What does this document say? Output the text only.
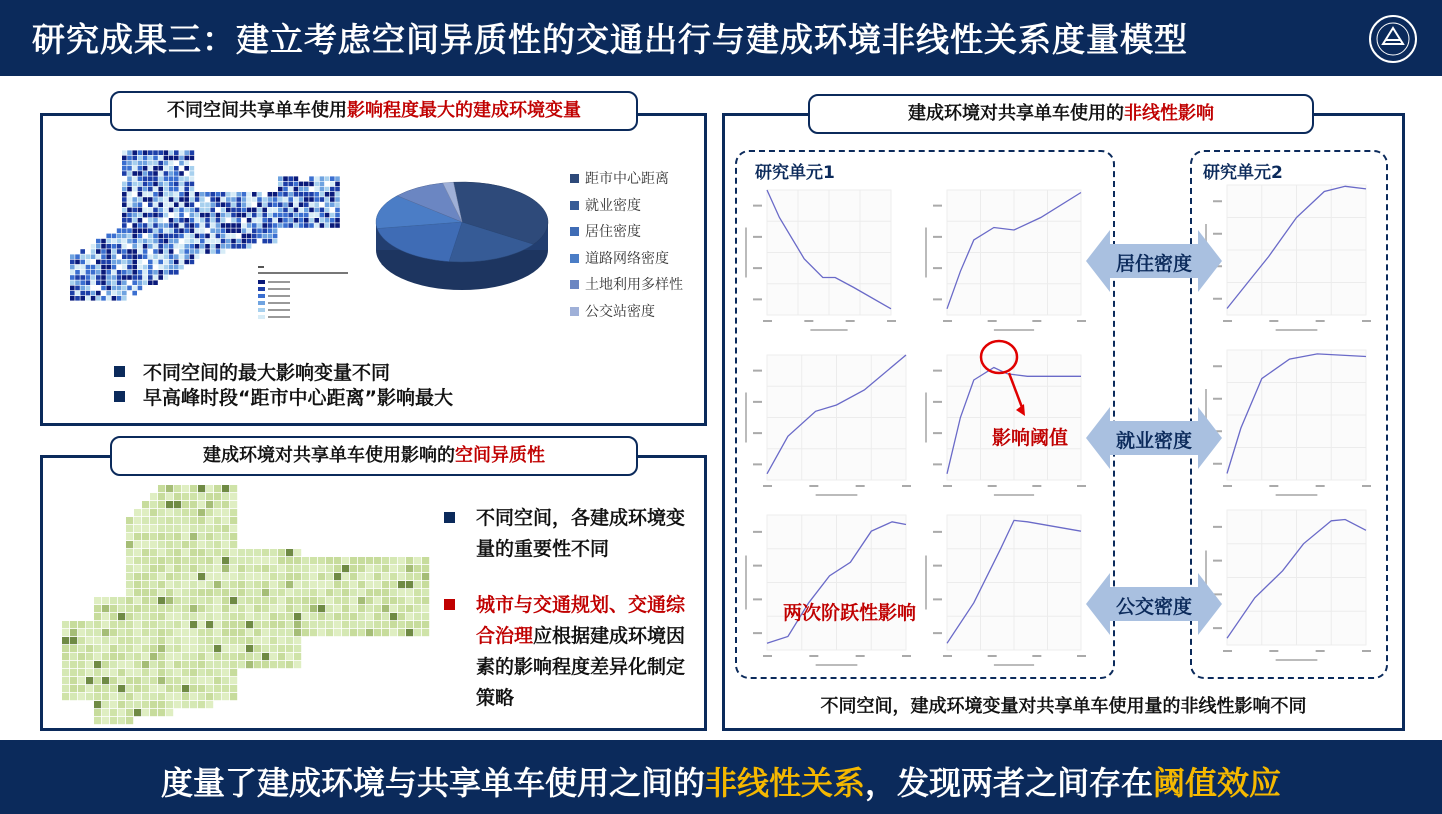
研究成果三：建立考虑空间异质性的交通出行与建成环境非线性关系度量模型
不同空间共享单车使用影响程度最大的建成环境变量
距市中心距离
就业密度
居住密度
道路网络密度
土地利用多样性
公交站密度
不同空间的最大影响变量不同
早高峰时段“距市中心距离”影响最大
建成环境对共享单车使用影响的空间异质性
不同空间，各建成环境变量的重要性不同
城市与交通规划、交通综合治理应根据建成环境因素的影响程度差异化制定策略
建成环境对共享单车使用的非线性影响
研究单元1	研究单元2
居住密度
就业密度
公交密度
影响阈值
两次阶跃性影响
不同空间，建成环境变量对共享单车使用量的非线性影响不同
度量了建成环境与共享单车使用之间的非线性关系，发现两者之间存在阈值效应
